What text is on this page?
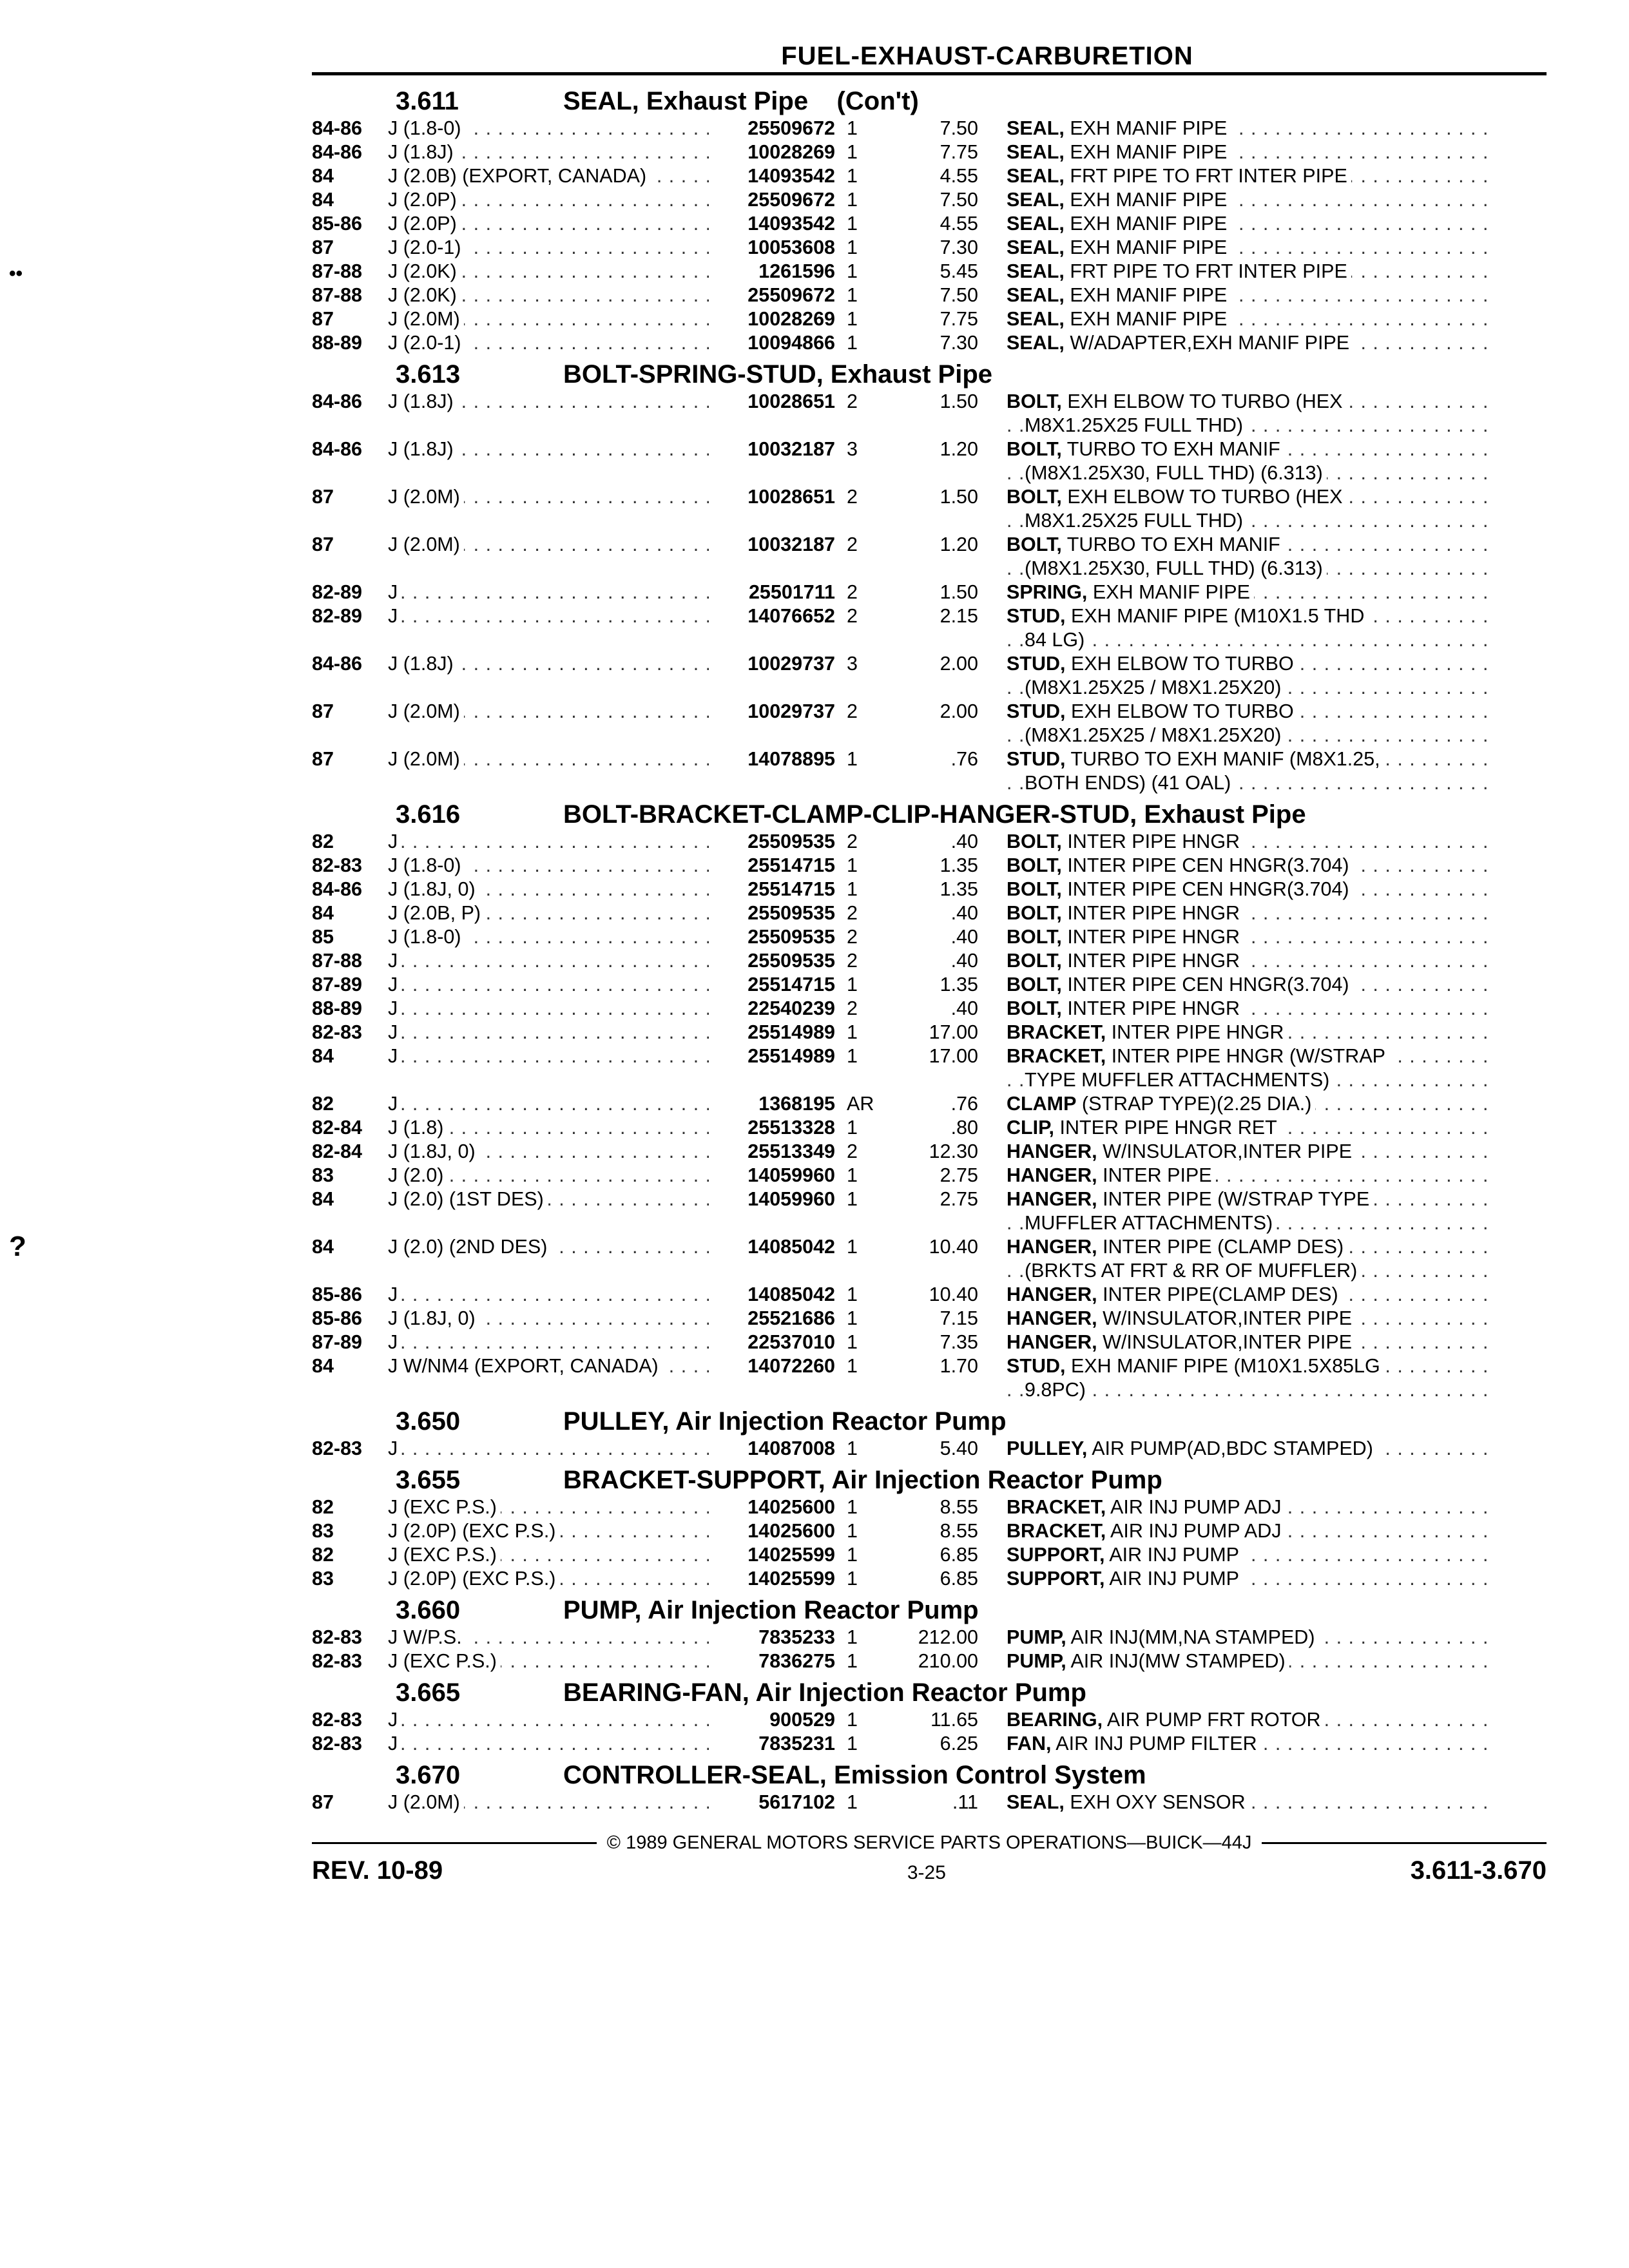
••
?
FUEL-EXHAUST-CARBURETION
3.611	SEAL, Exhaust Pipe    (Con't)
84-86	J (1.8-0) . . .	25509672 1	7.50	SEAL, EXH MANIF PIPE . . .
84-86	J (1.8J) . . .	10028269 1	7.75	SEAL, EXH MANIF PIPE . . .
84	J (2.0B) (EXPORT, CANADA) . . .	14093542 1	4.55	SEAL, FRT PIPE TO FRT INTER PIPE . . .
84	J (2.0P) . . .	25509672 1	7.50	SEAL, EXH MANIF PIPE . . .
85-86	J (2.0P) . . .	14093542 1	4.55	SEAL, EXH MANIF PIPE . . .
87	J (2.0-1) . . .	10053608 1	7.30	SEAL, EXH MANIF PIPE . . .
87-88	J (2.0K) . . .	1261596 1	5.45	SEAL, FRT PIPE TO FRT INTER PIPE . . .
87-88	J (2.0K) . . .	25509672 1	7.50	SEAL, EXH MANIF PIPE . . .
87	J (2.0M) . . .	10028269 1	7.75	SEAL, EXH MANIF PIPE . . .
88-89	J (2.0-1) . . .	10094866 1	7.30	SEAL, W/ADAPTER,EXH MANIF PIPE . . .
3.613	BOLT-SPRING-STUD, Exhaust Pipe
84-86	J (1.8J) . . .	10028651 2	1.50	BOLT, EXH ELBOW TO TURBO (HEX . . .
M8X1.25X25 FULL THD) . . .
84-86	J (1.8J) . . .	10032187 3	1.20	BOLT, TURBO TO EXH MANIF . . .
(M8X1.25X30, FULL THD) (6.313) . . .
87	J (2.0M) . . .	10028651 2	1.50	BOLT, EXH ELBOW TO TURBO (HEX . . .
M8X1.25X25 FULL THD) . . .
87	J (2.0M) . . .	10032187 2	1.20	BOLT, TURBO TO EXH MANIF . . .
(M8X1.25X30, FULL THD) (6.313) . . .
82-89	J . . .	25501711 2	1.50	SPRING, EXH MANIF PIPE . . .
82-89	J . . .	14076652 2	2.15	STUD, EXH MANIF PIPE (M10X1.5 THD . . .
84 LG) . . .
84-86	J (1.8J) . . .	10029737 3	2.00	STUD, EXH ELBOW TO TURBO . . .
(M8X1.25X25 / M8X1.25X20) . . .
87	J (2.0M) . . .	10029737 2	2.00	STUD, EXH ELBOW TO TURBO . . .
(M8X1.25X25 / M8X1.25X20) . . .
87	J (2.0M) . . .	14078895 1	.76	STUD, TURBO TO EXH MANIF (M8X1.25, . . .
BOTH ENDS) (41 OAL) . . .
3.616	BOLT-BRACKET-CLAMP-CLIP-HANGER-STUD, Exhaust Pipe
82	J . . .	25509535 2	.40	BOLT, INTER PIPE HNGR . . .
82-83	J (1.8-0) . . .	25514715 1	1.35	BOLT, INTER PIPE CEN HNGR(3.704) . . .
84-86	J (1.8J, 0) . . .	25514715 1	1.35	BOLT, INTER PIPE CEN HNGR(3.704) . . .
84	J (2.0B, P) . . .	25509535 2	.40	BOLT, INTER PIPE HNGR . . .
85	J (1.8-0) . . .	25509535 2	.40	BOLT, INTER PIPE HNGR . . .
87-88	J . . .	25509535 2	.40	BOLT, INTER PIPE HNGR . . .
87-89	J . . .	25514715 1	1.35	BOLT, INTER PIPE CEN HNGR(3.704) . . .
88-89	J . . .	22540239 2	.40	BOLT, INTER PIPE HNGR . . .
82-83	J . . .	25514989 1	17.00	BRACKET, INTER PIPE HNGR . . .
84	J . . .	25514989 1	17.00	BRACKET, INTER PIPE HNGR (W/STRAP . . .
TYPE MUFFLER ATTACHMENTS) . . .
82	J . . .	1368195 AR	.76	CLAMP (STRAP TYPE)(2.25 DIA.) . . .
82-84	J (1.8) . . .	25513328 1	.80	CLIP, INTER PIPE HNGR RET . . .
82-84	J (1.8J, 0) . . .	25513349 2	12.30	HANGER, W/INSULATOR,INTER PIPE . . .
83	J (2.0) . . .	14059960 1	2.75	HANGER, INTER PIPE . . .
84	J (2.0) (1ST DES) . . .	14059960 1	2.75	HANGER, INTER PIPE (W/STRAP TYPE . . .
MUFFLER ATTACHMENTS) . . .
84	J (2.0) (2ND DES) . . .	14085042 1	10.40	HANGER, INTER PIPE (CLAMP DES) . . .
(BRKTS AT FRT & RR OF MUFFLER) . . .
85-86	J . . .	14085042 1	10.40	HANGER, INTER PIPE(CLAMP DES) . . .
85-86	J (1.8J, 0) . . .	25521686 1	7.15	HANGER, W/INSULATOR,INTER PIPE . . .
87-89	J . . .	22537010 1	7.35	HANGER, W/INSULATOR,INTER PIPE . . .
84	J W/NM4 (EXPORT, CANADA) . . .	14072260 1	1.70	STUD, EXH MANIF PIPE (M10X1.5X85LG . . .
9.8PC) . . .
3.650	PULLEY, Air Injection Reactor Pump
82-83	J . . .	14087008 1	5.40	PULLEY, AIR PUMP(AD,BDC STAMPED) . . .
3.655	BRACKET-SUPPORT, Air Injection Reactor Pump
82	J (EXC P.S.) . . .	14025600 1	8.55	BRACKET, AIR INJ PUMP ADJ . . .
83	J (2.0P) (EXC P.S.) . . .	14025600 1	8.55	BRACKET, AIR INJ PUMP ADJ . . .
82	J (EXC P.S.) . . .	14025599 1	6.85	SUPPORT, AIR INJ PUMP . . .
83	J (2.0P) (EXC P.S.) . . .	14025599 1	6.85	SUPPORT, AIR INJ PUMP . . .
3.660	PUMP, Air Injection Reactor Pump
82-83	J W/P.S. . . .	7835233 1	212.00	PUMP, AIR INJ(MM,NA STAMPED) . . .
82-83	J (EXC P.S.) . . .	7836275 1	210.00	PUMP, AIR INJ(MW STAMPED) . . .
3.665	BEARING-FAN, Air Injection Reactor Pump
82-83	J . . .	900529 1	11.65	BEARING, AIR PUMP FRT ROTOR . . .
82-83	J . . .	7835231 1	6.25	FAN, AIR INJ PUMP FILTER . . .
3.670	CONTROLLER-SEAL, Emission Control System
87	J (2.0M) . . .	5617102 1	.11	SEAL, EXH OXY SENSOR . . .
© 1989 GENERAL MOTORS SERVICE PARTS OPERATIONS—BUICK—44J
REV. 10-89	3-25	3.611-3.670
